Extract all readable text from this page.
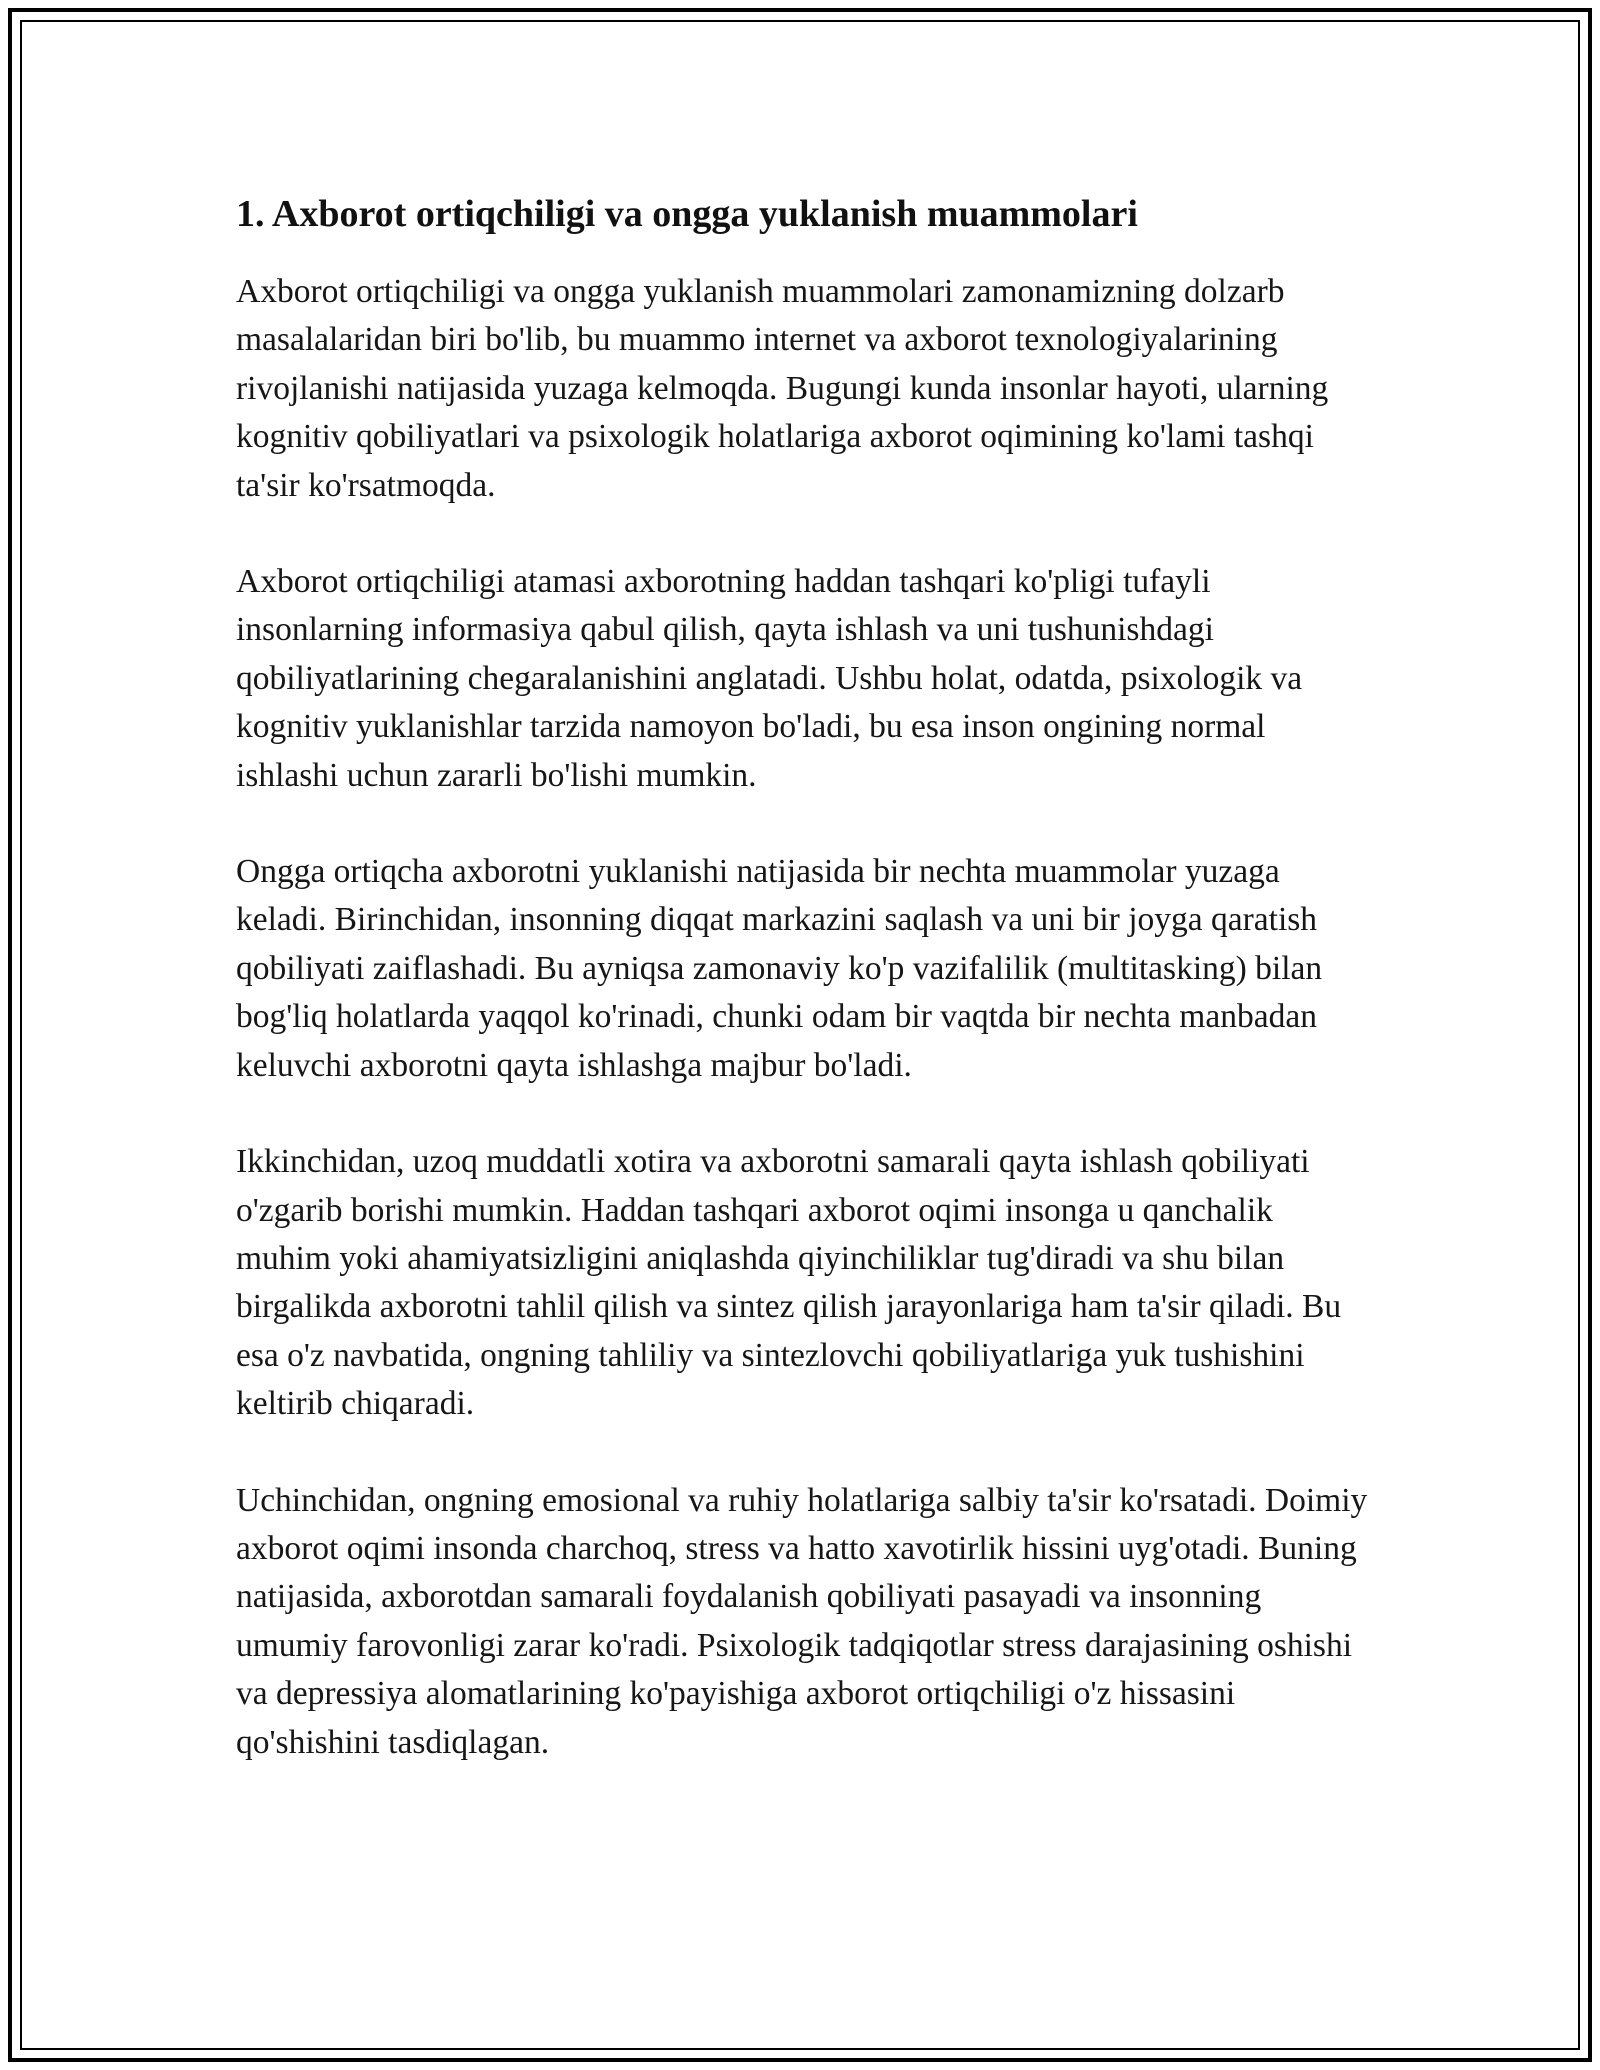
1. Axborot ortiqchiligi va ongga yuklanish muammolari

Axborot ortiqchiligi va ongga yuklanish muammolari zamonamizning dolzarb masalalaridan biri bo'lib, bu muammo internet va axborot texnologiyalarining rivojlanishi natijasida yuzaga kelmoqda. Bugungi kunda insonlar hayoti, ularning kognitiv qobiliyatlari va psixologik holatlariga axborot oqimining ko'lami tashqi ta'sir ko'rsatmoqda.

Axborot ortiqchiligi atamasi axborotning haddan tashqari ko'pligi tufayli insonlarning informasiya qabul qilish, qayta ishlash va uni tushunishdagi qobiliyatlarining chegaralanishini anglatadi. Ushbu holat, odatda, psixologik va kognitiv yuklanishlar tarzida namoyon bo'ladi, bu esa inson ongining normal ishlashi uchun zararli bo'lishi mumkin.

Ongga ortiqcha axborotni yuklanishi natijasida bir nechta muammolar yuzaga keladi. Birinchidan, insonning diqqat markazini saqlash va uni bir joyga qaratish qobiliyati zaiflashadi. Bu ayniqsa zamonaviy ko'p vazifalilik (multitasking) bilan bog'liq holatlarda yaqqol ko'rinadi, chunki odam bir vaqtda bir nechta manbadan keluvchi axborotni qayta ishlashga majbur bo'ladi.

Ikkinchidan, uzoq muddatli xotira va axborotni samarali qayta ishlash qobiliyati o'zgarib borishi mumkin. Haddan tashqari axborot oqimi insonga u qanchalik muhim yoki ahamiyatsizligini aniqlashda qiyinchiliklar tug'diradi va shu bilan birgalikda axborotni tahlil qilish va sintez qilish jarayonlariga ham ta'sir qiladi. Bu esa o'z navbatida, ongning tahliliy va sintezlovchi qobiliyatlariga yuk tushishini keltirib chiqaradi.

Uchinchidan, ongning emosional va ruhiy holatlariga salbiy ta'sir ko'rsatadi. Doimiy axborot oqimi insonda charchoq, stress va hatto xavotirlik hissini uyg'otadi. Buning natijasida, axborotdan samarali foydalanish qobiliyati pasayadi va insonning umumiy farovonligi zarar ko'radi. Psixologik tadqiqotlar stress darajasining oshishi va depressiya alomatlarining ko'payishiga axborot ortiqchiligi o'z hissasini qo'shishini tasdiqlagan.
